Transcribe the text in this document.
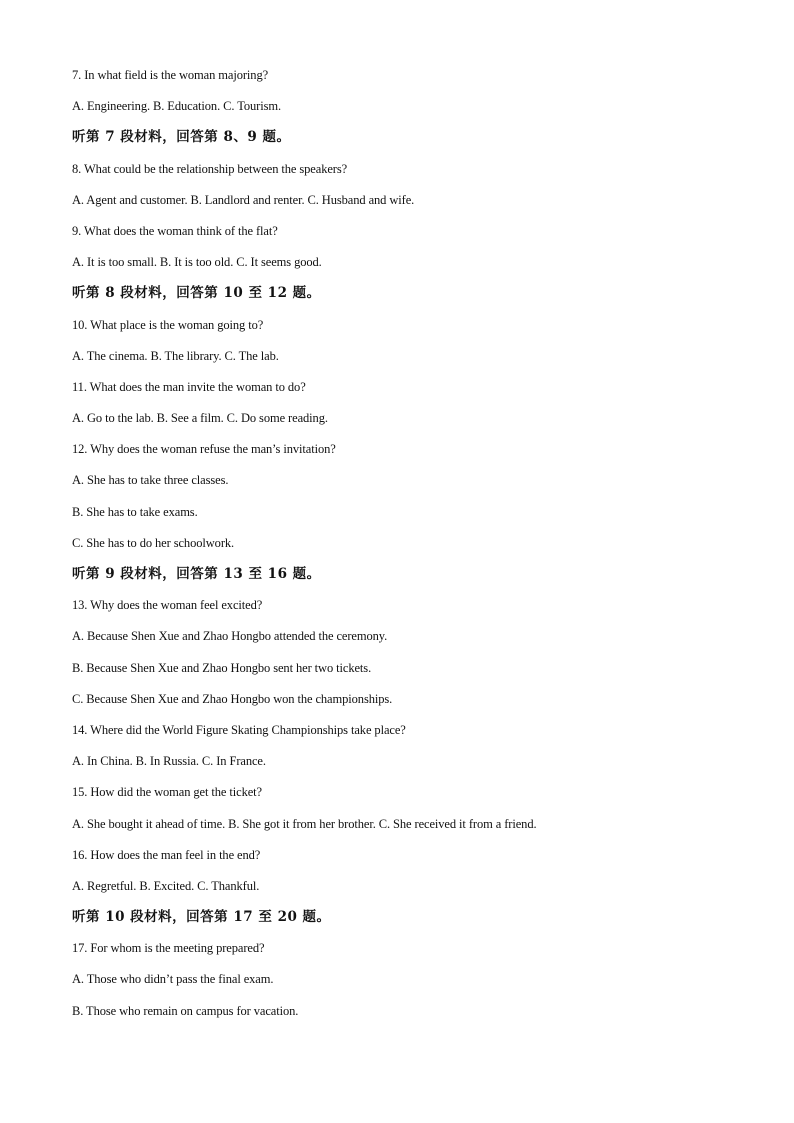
7. In what field is the woman majoring?
A. Engineering. B. Education. C. Tourism.
听第 7 段材料，回答第 8、9 题。
8. What could be the relationship between the speakers?
A. Agent and customer. B. Landlord and renter. C. Husband and wife.
9. What does the woman think of the flat?
A. It is too small. B. It is too old. C. It seems good.
听第 8 段材料，回答第 10 至 12 题。
10. What place is the woman going to?
A. The cinema. B. The library. C. The lab.
11. What does the man invite the woman to do?
A. Go to the lab. B. See a film. C. Do some reading.
12. Why does the woman refuse the man’s invitation?
A. She has to take three classes.
B. She has to take exams.
C. She has to do her schoolwork.
听第 9 段材料，回答第 13 至 16 题。
13. Why does the woman feel excited?
A. Because Shen Xue and Zhao Hongbo attended the ceremony.
B. Because Shen Xue and Zhao Hongbo sent her two tickets.
C. Because Shen Xue and Zhao Hongbo won the championships.
14. Where did the World Figure Skating Championships take place?
A. In China. B. In Russia. C. In France.
15. How did the woman get the ticket?
A. She bought it ahead of time. B. She got it from her brother. C. She received it from a friend.
16. How does the man feel in the end?
A. Regretful. B. Excited. C. Thankful.
听第 10 段材料，回答第 17 至 20 题。
17. For whom is the meeting prepared?
A. Those who didn’t pass the final exam.
B. Those who remain on campus for vacation.
